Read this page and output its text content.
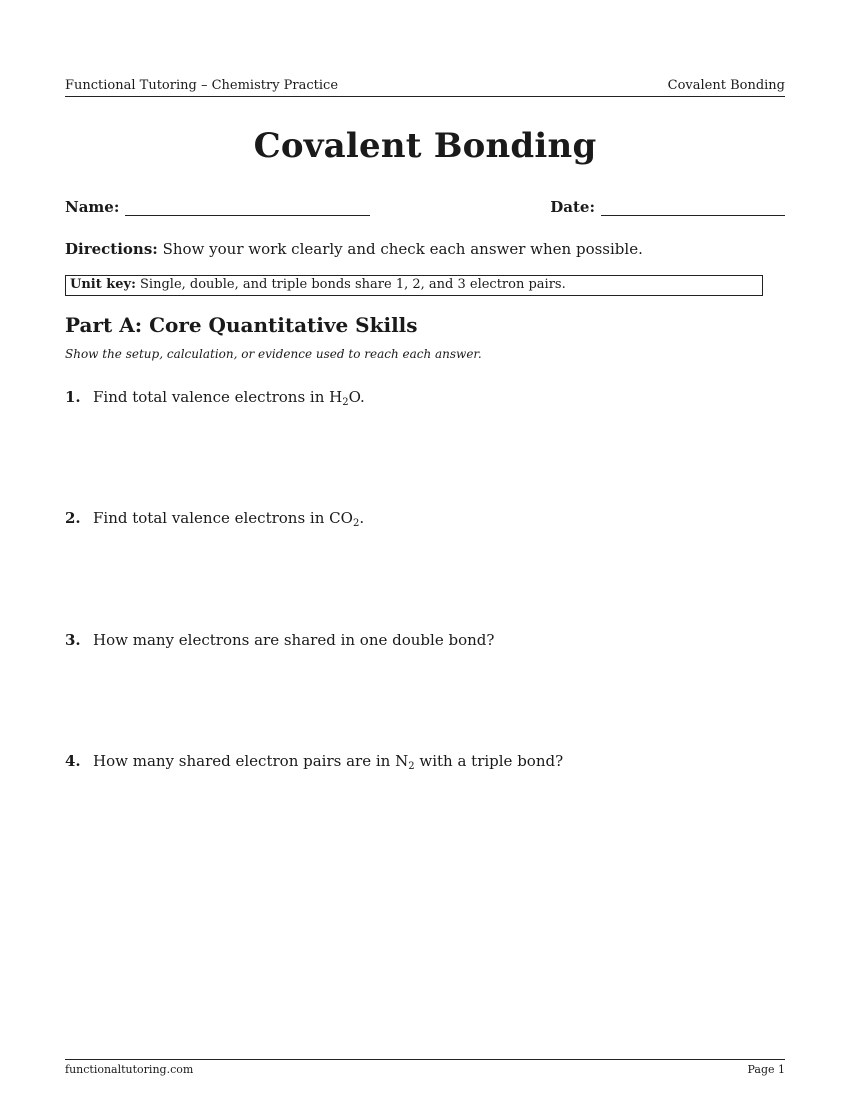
Functional Tutoring – Chemistry Practice	Covalent Bonding
Covalent Bonding
Name:	Date:
Directions: Show your work clearly and check each answer when possible.
Unit key: Single, double, and triple bonds share 1, 2, and 3 electron pairs.
Part A: Core Quantitative Skills
Show the setup, calculation, or evidence used to reach each answer.
1. Find total valence electrons in $H_2O$.
2. Find total valence electrons in $CO_2$.
3. How many electrons are shared in one double bond?
4. How many shared electron pairs are in $N_2$ with a triple bond?
functionaltutoring.com	Page 1
